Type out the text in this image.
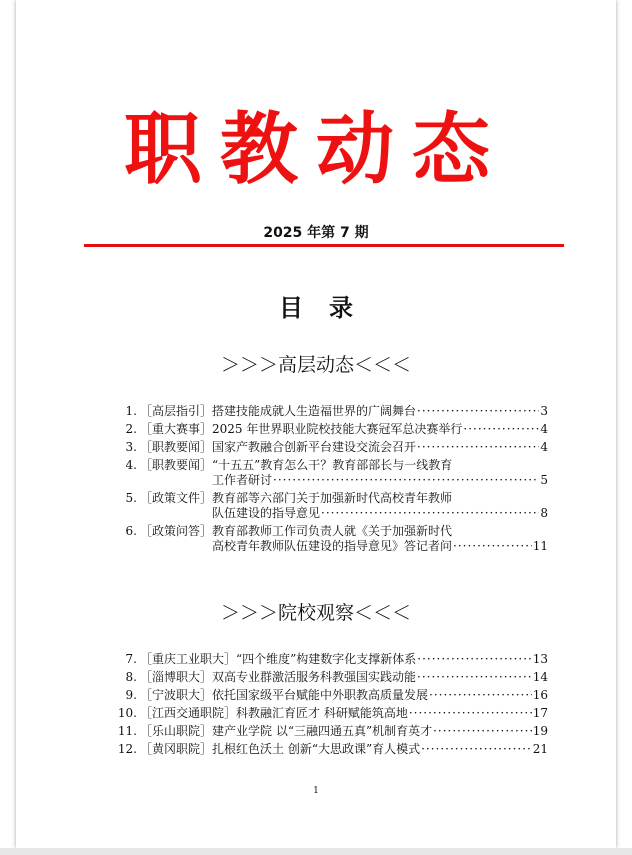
职教动态
2025 年第 7 期
目录
＞＞＞高层动态＜＜＜
1. ［高层指引］ 搭建技能成就人生造福世界的广阔舞台 ·····	3
2. ［重大赛事］ 2025 年世界职业院校技能大赛冠军总决赛举行 ·····	4
3. ［职教要闻］ 国家产教融合创新平台建设交流会召开 ·····	4
4. ［职教要闻］ “十五五”教育怎么干？教育部部长与一线教育
工作者研讨 ·····	5
5. ［政策文件］ 教育部等六部门关于加强新时代高校青年教师
队伍建设的指导意见 ·····	8
6. ［政策问答］ 教育部教师工作司负责人就《关于加强新时代
高校青年教师队伍建设的指导意见》答记者问 ·····	11
＞＞＞院校观察＜＜＜
7. ［重庆工业职大］ “四个维度”构建数字化支撑新体系 ·····	13
8. ［淄博职大］ 双高专业群激活服务科教强国实践动能 ·····	14
9. ［宁波职大］ 依托国家级平台赋能中外职教高质量发展 ·····	16
10. ［江西交通职院］ 科教融汇育匠才 科研赋能筑高地 ·····	17
11. ［乐山职院］ 建产业学院 以“三融四通五真”机制育英才 ·····	19
12. ［黄冈职院］ 扎根红色沃土 创新“大思政课”育人模式 ·····	21
1
